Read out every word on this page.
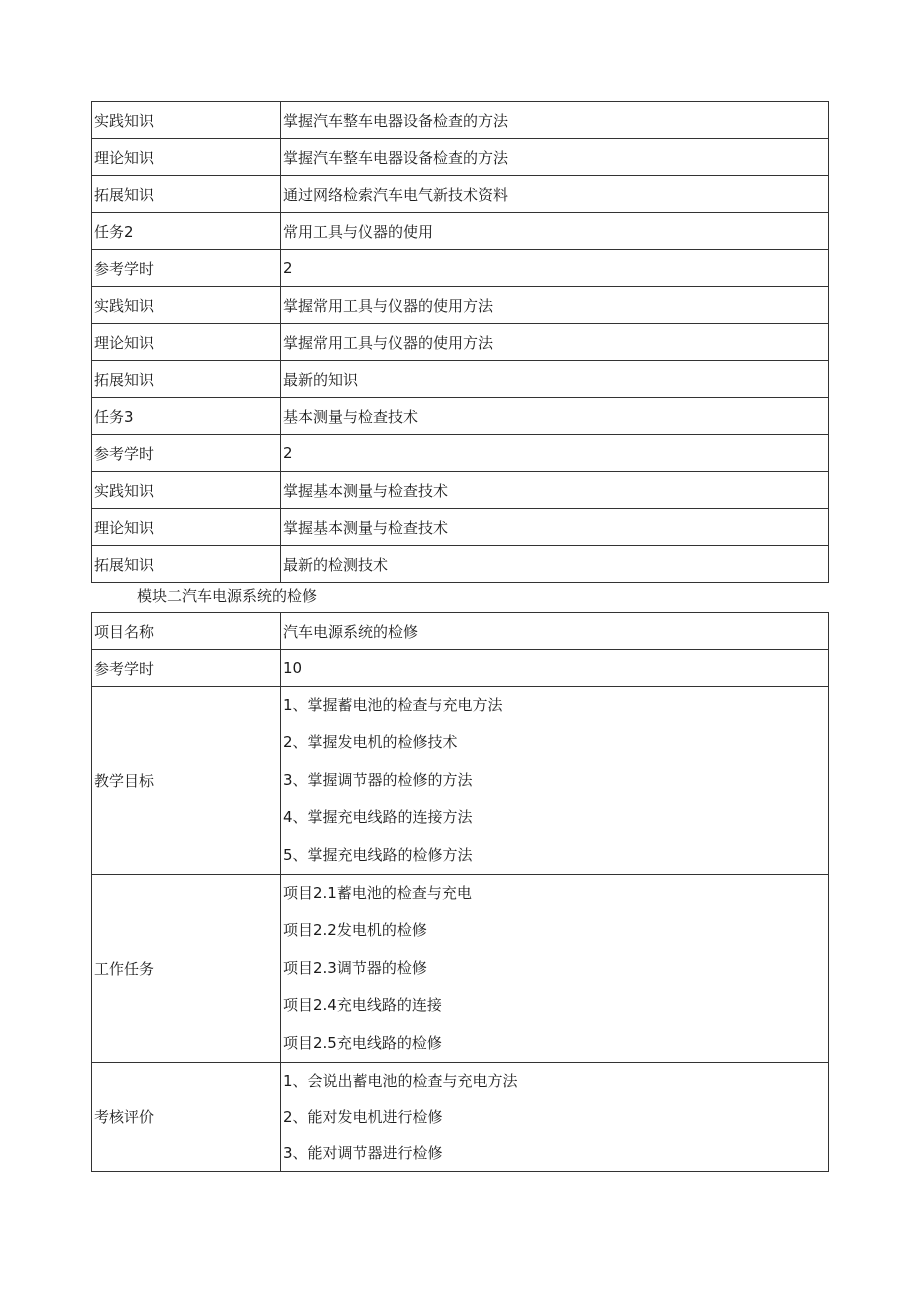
实践知识	掌握汽车整车电器设备检查的方法
理论知识	掌握汽车整车电器设备检查的方法
拓展知识	通过网络检索汽车电气新技术资料
任务2	常用工具与仪器的使用
参考学时	2
实践知识	掌握常用工具与仪器的使用方法
理论知识	掌握常用工具与仪器的使用方法
拓展知识	最新的知识
任务3	基本测量与检查技术
参考学时	2
实践知识	掌握基本测量与检查技术
理论知识	掌握基本测量与检查技术
拓展知识	最新的检测技术
模块二汽车电源系统的检修
项目名称	汽车电源系统的检修
参考学时	10
教学目标	1、掌握蓄电池的检查与充电方法
2、掌握发电机的检修技术
3、掌握调节器的检修的方法
4、掌握充电线路的连接方法
5、掌握充电线路的检修方法

工作任务	项目2.1蓄电池的检查与充电
项目2.2发电机的检修
项目2.3调节器的检修
项目2.4充电线路的连接
项目2.5充电线路的检修

考核评价	1、会说出蓄电池的检查与充电方法
2、能对发电机进行检修
3、能对调节器进行检修
